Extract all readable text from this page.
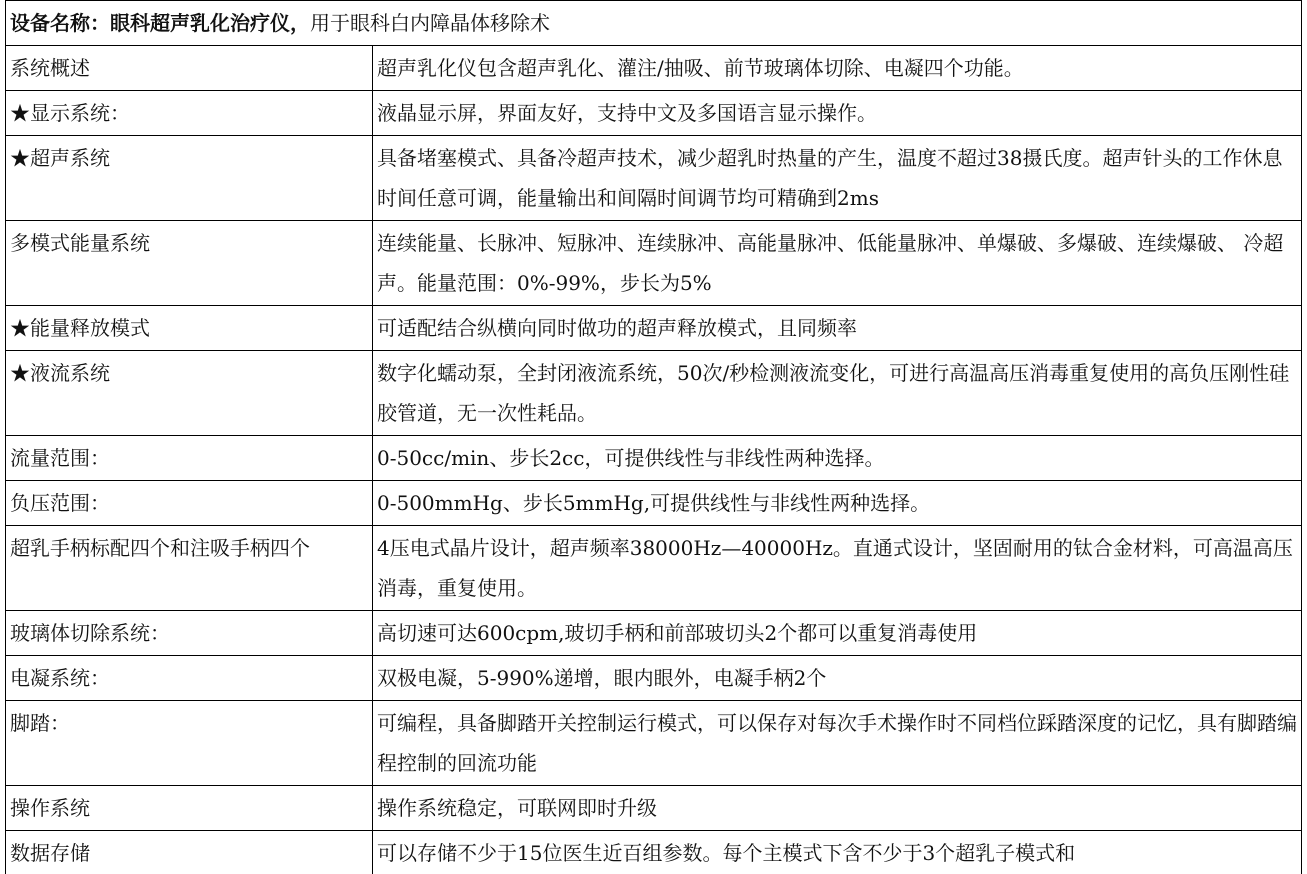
设备名称：眼科超声乳化治疗仪，用于眼科白内障晶体移除术	
系统概述	超声乳化仪包含超声乳化、灌注/抽吸、前节玻璃体切除、电凝四个功能。
★显示系统：	液晶显示屏，界面友好，支持中文及多国语言显示操作。
★超声系统	具备堵塞模式、具备冷超声技术，减少超乳时热量的产生，温度不超过38摄氏度。超声针头的工作休息时间任意可调，能量输出和间隔时间调节均可精确到2ms
多模式能量系统	连续能量、长脉冲、短脉冲、连续脉冲、高能量脉冲、低能量脉冲、单爆破、多爆破、连续爆破、 冷超声。能量范围：0%-99%，步长为5%
★能量释放模式	可适配结合纵横向同时做功的超声释放模式，且同频率
★液流系统	数字化蠕动泵，全封闭液流系统，50次/秒检测液流变化，可进行高温高压消毒重复使用的高负压刚性硅胶管道，无一次性耗品。
流量范围：	0-50cc/min、步长2cc，可提供线性与非线性两种选择。
负压范围：	0-500mmHg、步长5mmHg,可提供线性与非线性两种选择。
超乳手柄标配四个和注吸手柄四个	4压电式晶片设计，超声频率38000Hz—40000Hz。直通式设计，坚固耐用的钛合金材料，可高温高压消毒，重复使用。
玻璃体切除系统：	高切速可达600cpm,玻切手柄和前部玻切头2个都可以重复消毒使用
电凝系统：	双极电凝，5-990%递增，眼内眼外，电凝手柄2个
脚踏：	可编程，具备脚踏开关控制运行模式，可以保存对每次手术操作时不同档位踩踏深度的记忆，具有脚踏编程控制的回流功能
操作系统	操作系统稳定，可联网即时升级
数据存储	可以存储不少于15位医生近百组参数。每个主模式下含不少于3个超乳子模式和
